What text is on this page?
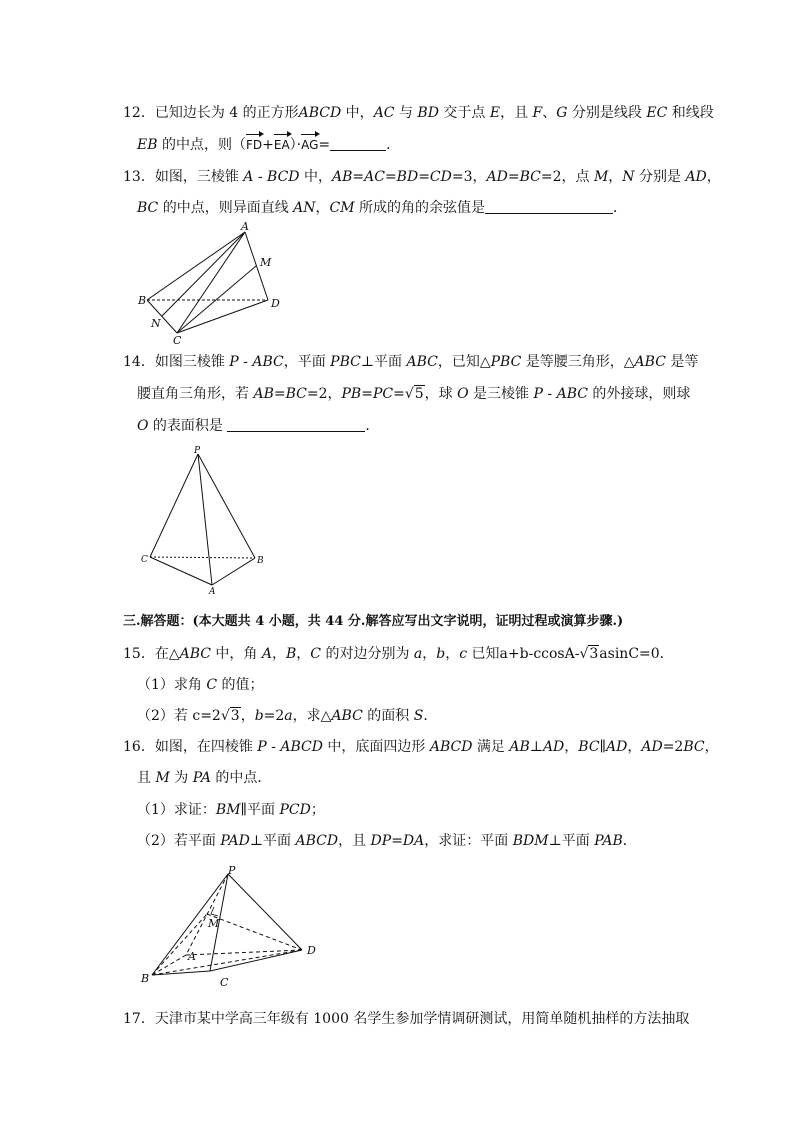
12．已知边长为 4 的正方形ABCD 中，AC 与 BD 交于点 E，且 F、G 分别是线段 EC 和线段
EB 的中点，则（FD+EA）·AG=	．
13．如图，三棱锥 A - BCD 中，AB=AC=BD=CD=3，AD=BC=2，点 M，N 分别是 AD，
BC 的中点，则异面直线 AN，CM 所成的角的余弦值是	．
A
M
B	D
N
C
14．如图三棱锥 P - ABC，平面 PBC⊥平面 ABC，已知△PBC 是等腰三角形，△ABC 是等
腰直角三角形，若 AB=BC=2，PB=PC=√5，球 O 是三棱锥 P - ABC 的外接球，则球
O 的表面积是	．
P
C	B
A
三.解答题：(本大题共 4 小题，共 44 分.解答应写出文字说明，证明过程或演算步骤.)
15．在△ABC 中，角 A，B，C 的对边分别为 a，b，c 已知a+b-ccosA-√3asinC=0．
（1）求角 C 的值；
（2）若 c=2√3，b=2a，求△ABC 的面积 S．
16．如图，在四棱锥 P - ABCD 中，底面四边形 ABCD 满足 AB⊥AD，BC∥AD，AD=2BC，
且 M 为 PA 的中点．
（1）求证：BM∥平面 PCD；
（2）若平面 PAD⊥平面 ABCD，且 DP=DA，求证：平面 BDM⊥平面 PAB．
P
M
A
B	C
D
17．天津市某中学高三年级有 1000 名学生参加学情调研测试，用简单随机抽样的方法抽取
